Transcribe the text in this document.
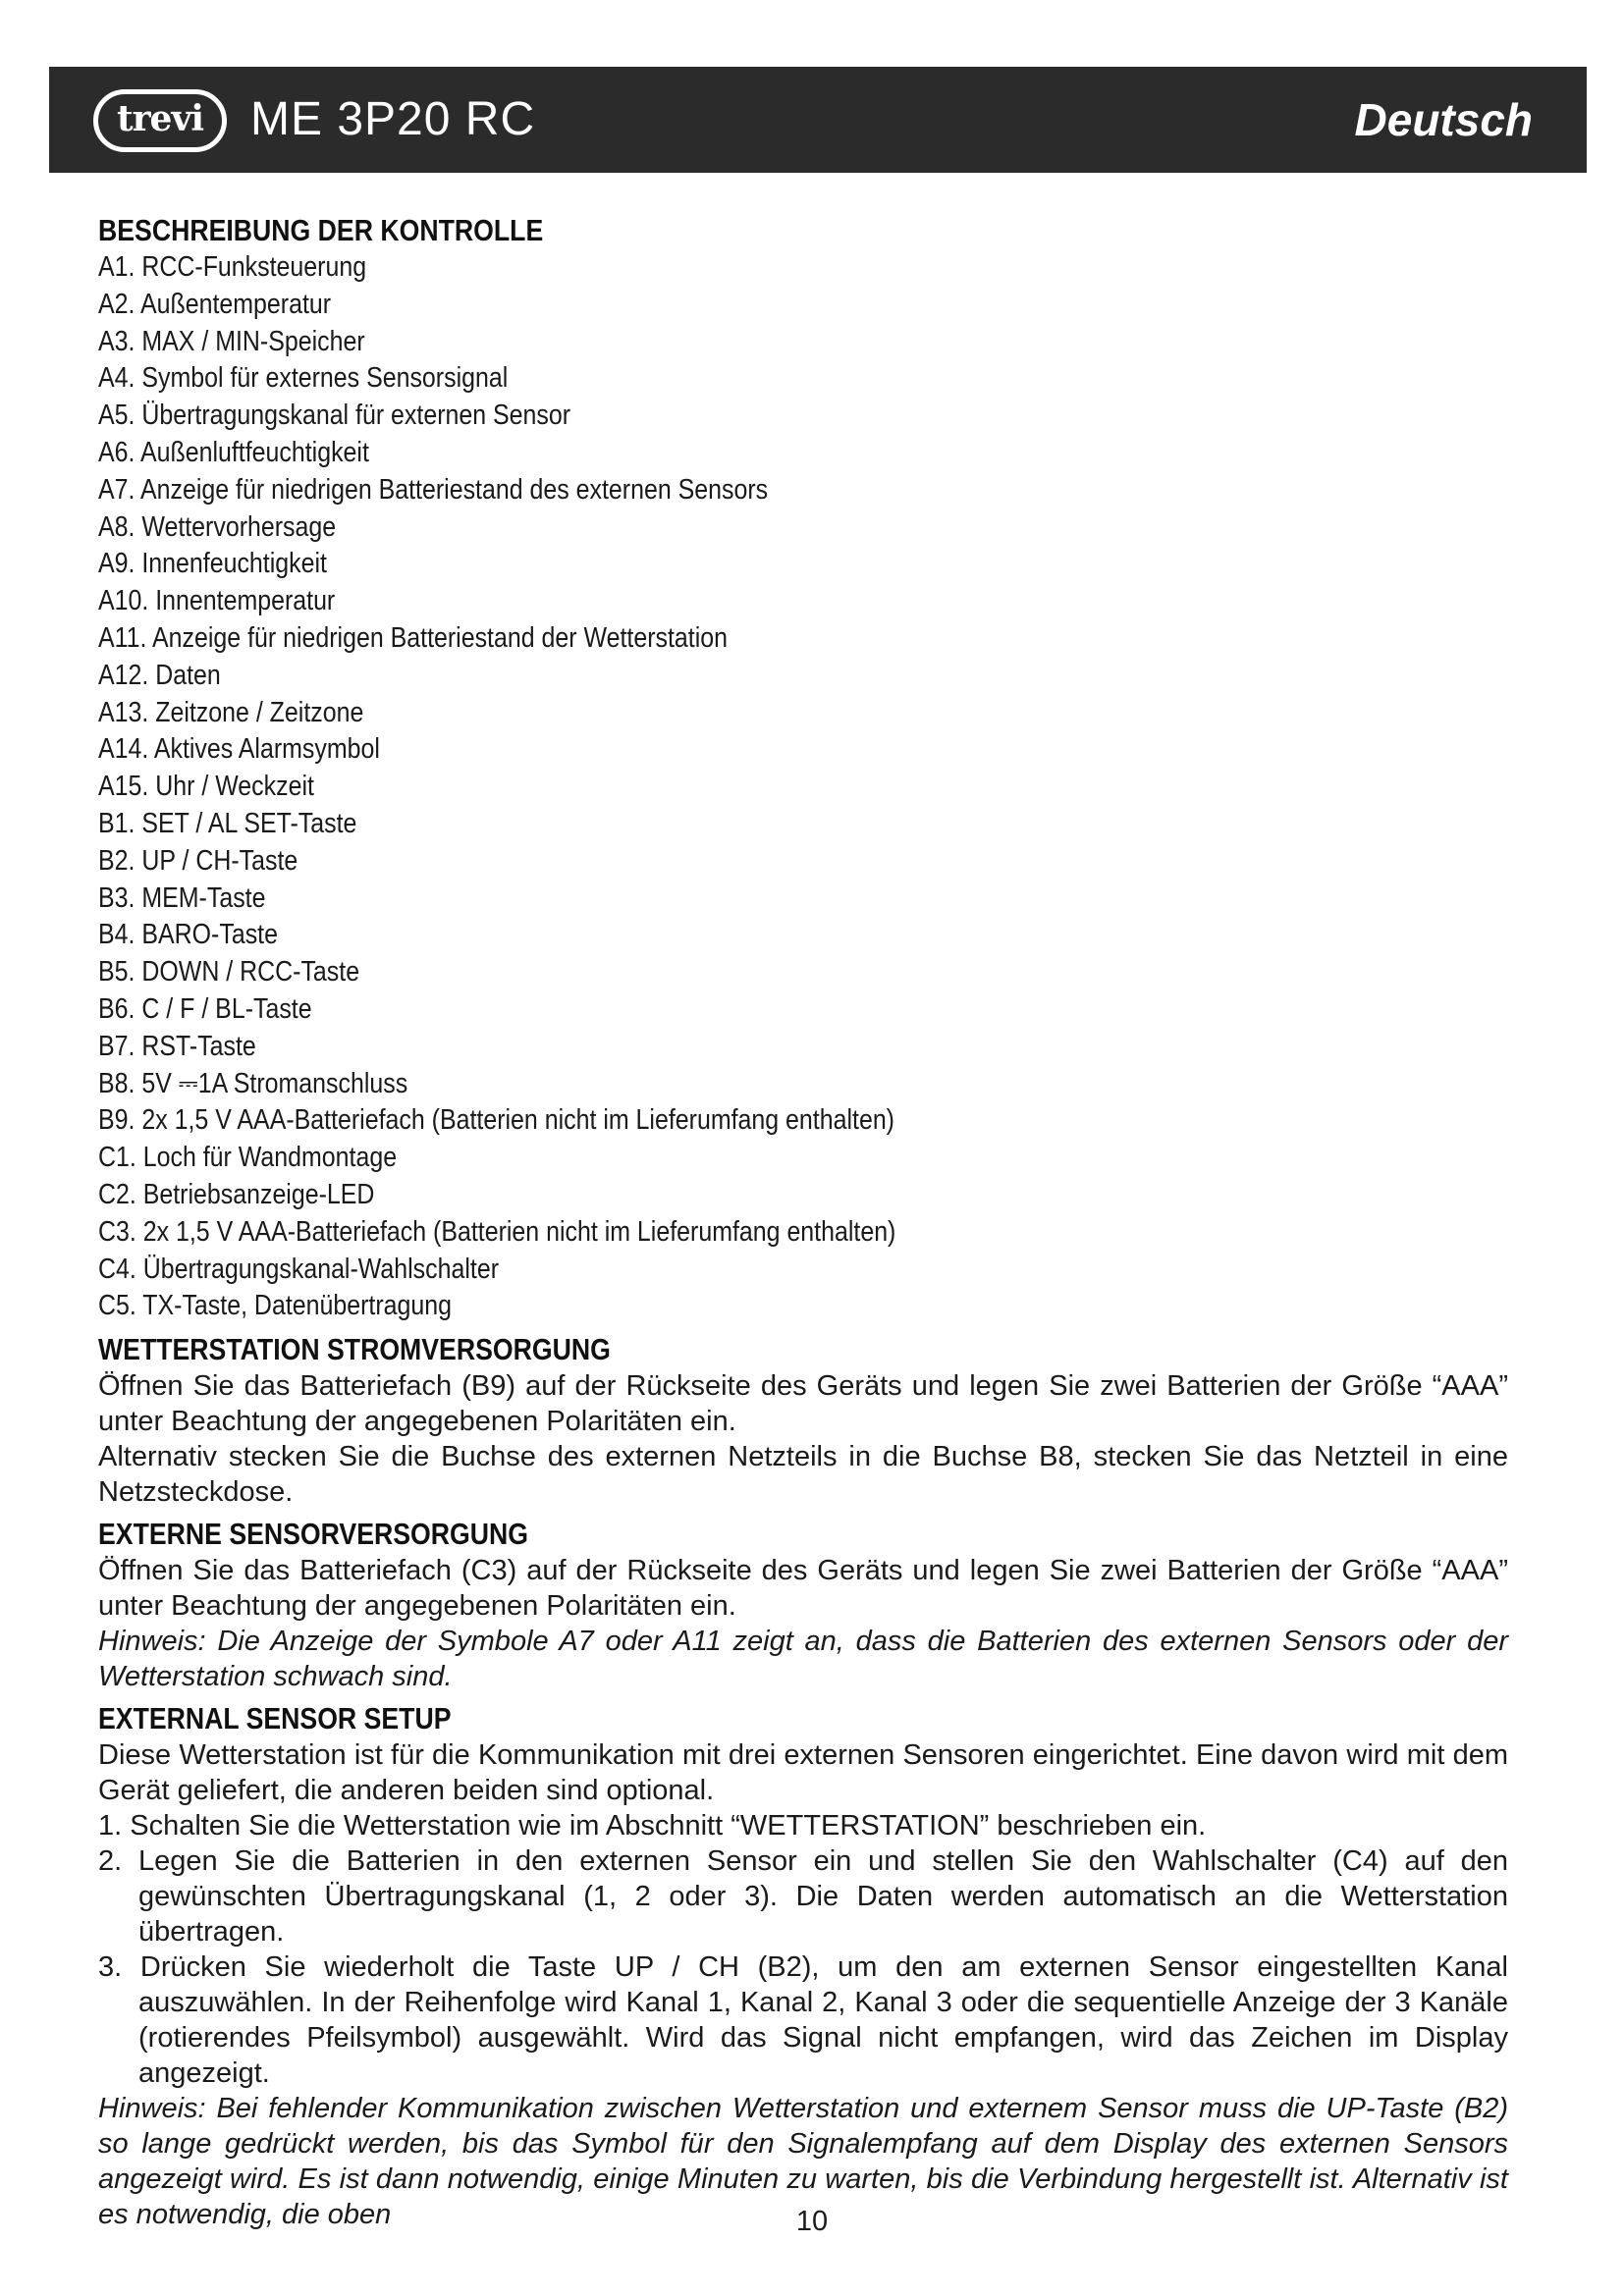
trevi ME 3P20 RC	Deutsch
BESCHREIBUNG DER KONTROLLE
A1. RCC-Funksteuerung
A2. Außentemperatur
A3. MAX / MIN-Speicher
A4. Symbol für externes Sensorsignal
A5. Übertragungskanal für externen Sensor
A6. Außenluftfeuchtigkeit
A7. Anzeige für niedrigen Batteriestand des externen Sensors
A8. Wettervorhersage
A9. Innenfeuchtigkeit
A10. Innentemperatur
A11. Anzeige für niedrigen Batteriestand der Wetterstation
A12. Daten
A13. Zeitzone / Zeitzone
A14. Aktives Alarmsymbol
A15. Uhr / Weckzeit
B1. SET / AL SET-Taste
B2. UP / CH-Taste
B3. MEM-Taste
B4. BARO-Taste
B5. DOWN / RCC-Taste
B6. C / F / BL-Taste
B7. RST-Taste
B8. 5V ⎓1A Stromanschluss
B9. 2x 1,5 V AAA-Batteriefach (Batterien nicht im Lieferumfang enthalten)
C1. Loch für Wandmontage
C2. Betriebsanzeige-LED
C3. 2x 1,5 V AAA-Batteriefach (Batterien nicht im Lieferumfang enthalten)
C4. Übertragungskanal-Wahlschalter
C5. TX-Taste, Datenübertragung
WETTERSTATION STROMVERSORGUNG

Öffnen Sie das Batteriefach (B9) auf der Rückseite des Geräts und legen Sie zwei Batterien der Größe “AAA” unter Beachtung der angegebenen Polaritäten ein.

Alternativ stecken Sie die Buchse des externen Netzteils in die Buchse B8, stecken Sie das Netzteil in eine Netzsteckdose.

EXTERNE SENSORVERSORGUNG

Öffnen Sie das Batteriefach (C3) auf der Rückseite des Geräts und legen Sie zwei Batterien der Größe “AAA” unter Beachtung der angegebenen Polaritäten ein.

Hinweis: Die Anzeige der Symbole A7 oder A11 zeigt an, dass die Batterien des externen Sensors oder der Wetterstation schwach sind.

EXTERNAL SENSOR SETUP

Diese Wetterstation ist für die Kommunikation mit drei externen Sensoren eingerichtet. Eine davon wird mit dem Gerät geliefert, die anderen beiden sind optional.

1. Schalten Sie die Wetterstation wie im Abschnitt “WETTERSTATION” beschrieben ein.
2. Legen Sie die Batterien in den externen Sensor ein und stellen Sie den Wahlschalter (C4) auf den gewünschten Übertragungskanal (1, 2 oder 3). Die Daten werden automatisch an die Wetterstation übertragen.
3. Drücken Sie wiederholt die Taste UP / CH (B2), um den am externen Sensor eingestellten Kanal auszuwählen. In der Reihenfolge wird Kanal 1, Kanal 2, Kanal 3 oder die sequentielle Anzeige der 3 Kanäle (rotierendes Pfeilsymbol) ausgewählt. Wird das Signal nicht empfangen, wird das Zeichen im Display angezeigt.

Hinweis: Bei fehlender Kommunikation zwischen Wetterstation und externem Sensor muss die UP-Taste (B2) so lange gedrückt werden, bis das Symbol für den Signalempfang auf dem Display des externen Sensors angezeigt wird. Es ist dann notwendig, einige Minuten zu warten, bis die Verbindung hergestellt ist. Alternativ ist es notwendig, die oben	10
